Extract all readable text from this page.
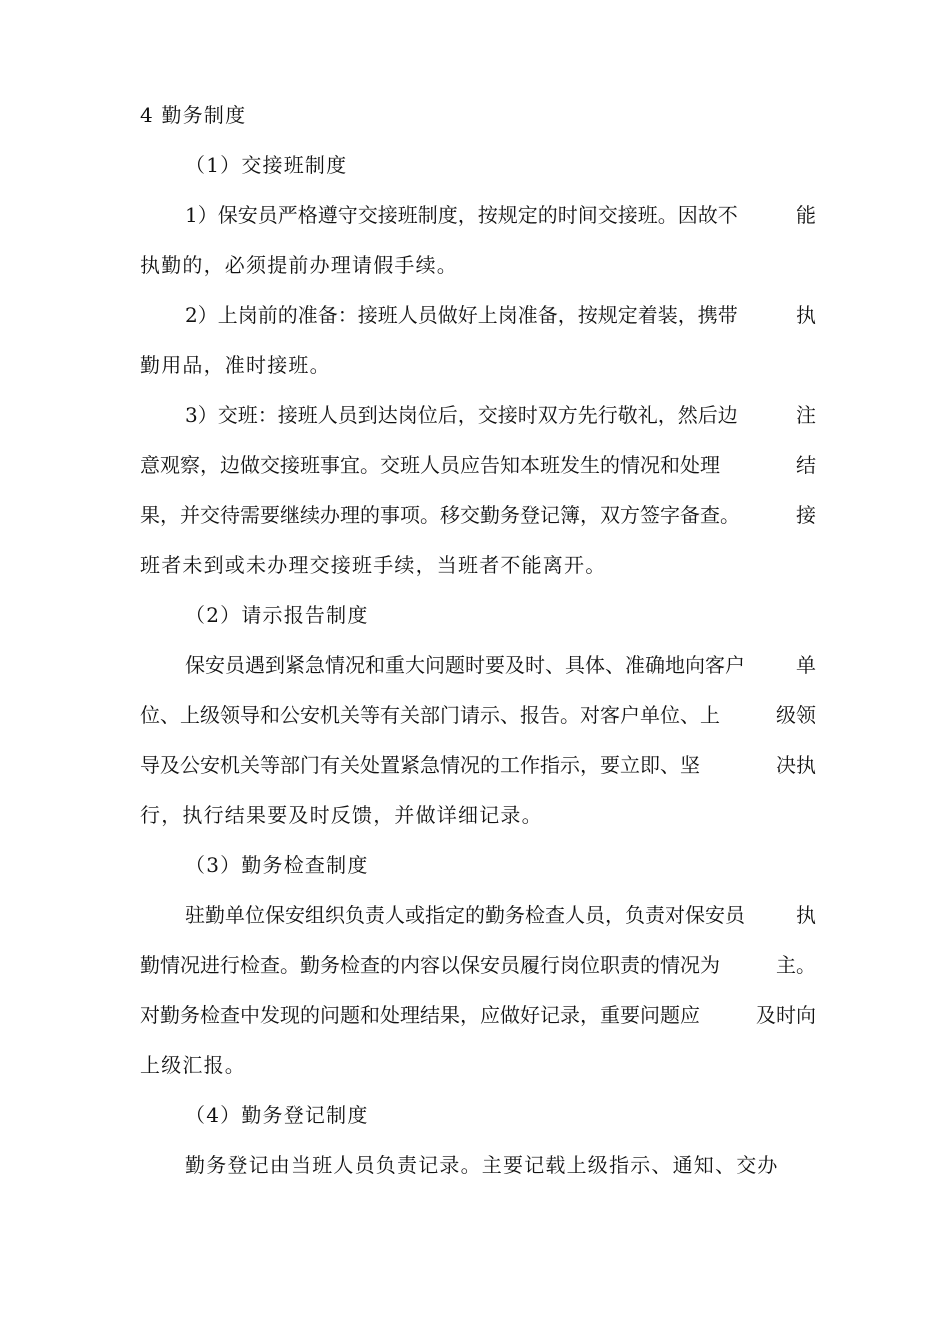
4 勤务制度
（1）交接班制度
1）保安员严格遵守交接班制度，按规定的时间交接班。因故不	能
执勤的，必须提前办理请假手续。
2）上岗前的准备：接班人员做好上岗准备，按规定着装，携带	执
勤用品，准时接班。
3）交班：接班人员到达岗位后，交接时双方先行敬礼，然后边	注
意观察，边做交接班事宜。交班人员应告知本班发生的情况和处理	结
果，并交待需要继续办理的事项。移交勤务登记簿，双方签字备查。	接
班者未到或未办理交接班手续，当班者不能离开。
（2）请示报告制度
保安员遇到紧急情况和重大问题时要及时、具体、准确地向客户	单
位、上级领导和公安机关等有关部门请示、报告。对客户单位、上	级领
导及公安机关等部门有关处置紧急情况的工作指示，要立即、坚	决执
行，执行结果要及时反馈，并做详细记录。
（3）勤务检查制度
驻勤单位保安组织负责人或指定的勤务检查人员，负责对保安员	执
勤情况进行检查。勤务检查的内容以保安员履行岗位职责的情况为	主。
对勤务检查中发现的问题和处理结果，应做好记录，重要问题应	及时向
上级汇报。
（4）勤务登记制度
勤务登记由当班人员负责记录。主要记载上级指示、通知、交办
